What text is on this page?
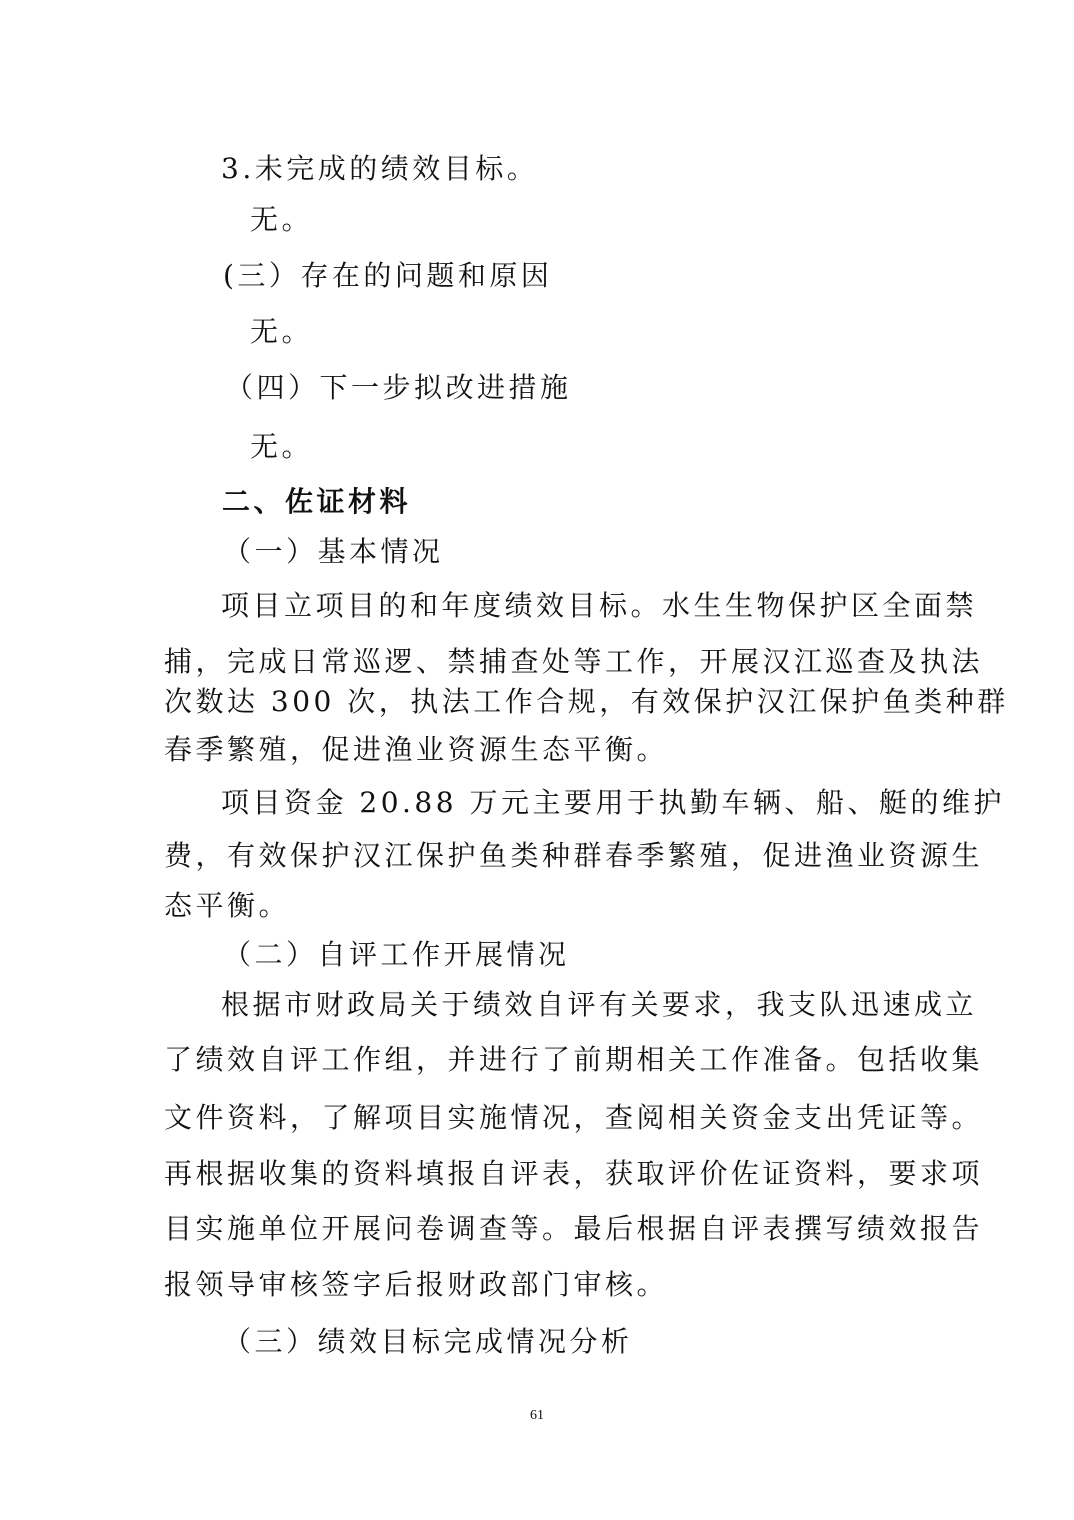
3.未完成的绩效目标。
无。
(三）存在的问题和原因
无。
（四）下一步拟改进措施
无。
二、佐证材料
（一）基本情况
项目立项目的和年度绩效目标。水生生物保护区全面禁
捕，完成日常巡逻、禁捕查处等工作，开展汉江巡查及执法
次数达 300 次，执法工作合规，有效保护汉江保护鱼类种群
春季繁殖，促进渔业资源生态平衡。
项目资金 20.88 万元主要用于执勤车辆、船、艇的维护
费，有效保护汉江保护鱼类种群春季繁殖，促进渔业资源生
态平衡。
（二）自评工作开展情况
根据市财政局关于绩效自评有关要求，我支队迅速成立
了绩效自评工作组，并进行了前期相关工作准备。包括收集
文件资料，了解项目实施情况，查阅相关资金支出凭证等。
再根据收集的资料填报自评表，获取评价佐证资料，要求项
目实施单位开展问卷调查等。最后根据自评表撰写绩效报告
报领导审核签字后报财政部门审核。
（三）绩效目标完成情况分析
61
